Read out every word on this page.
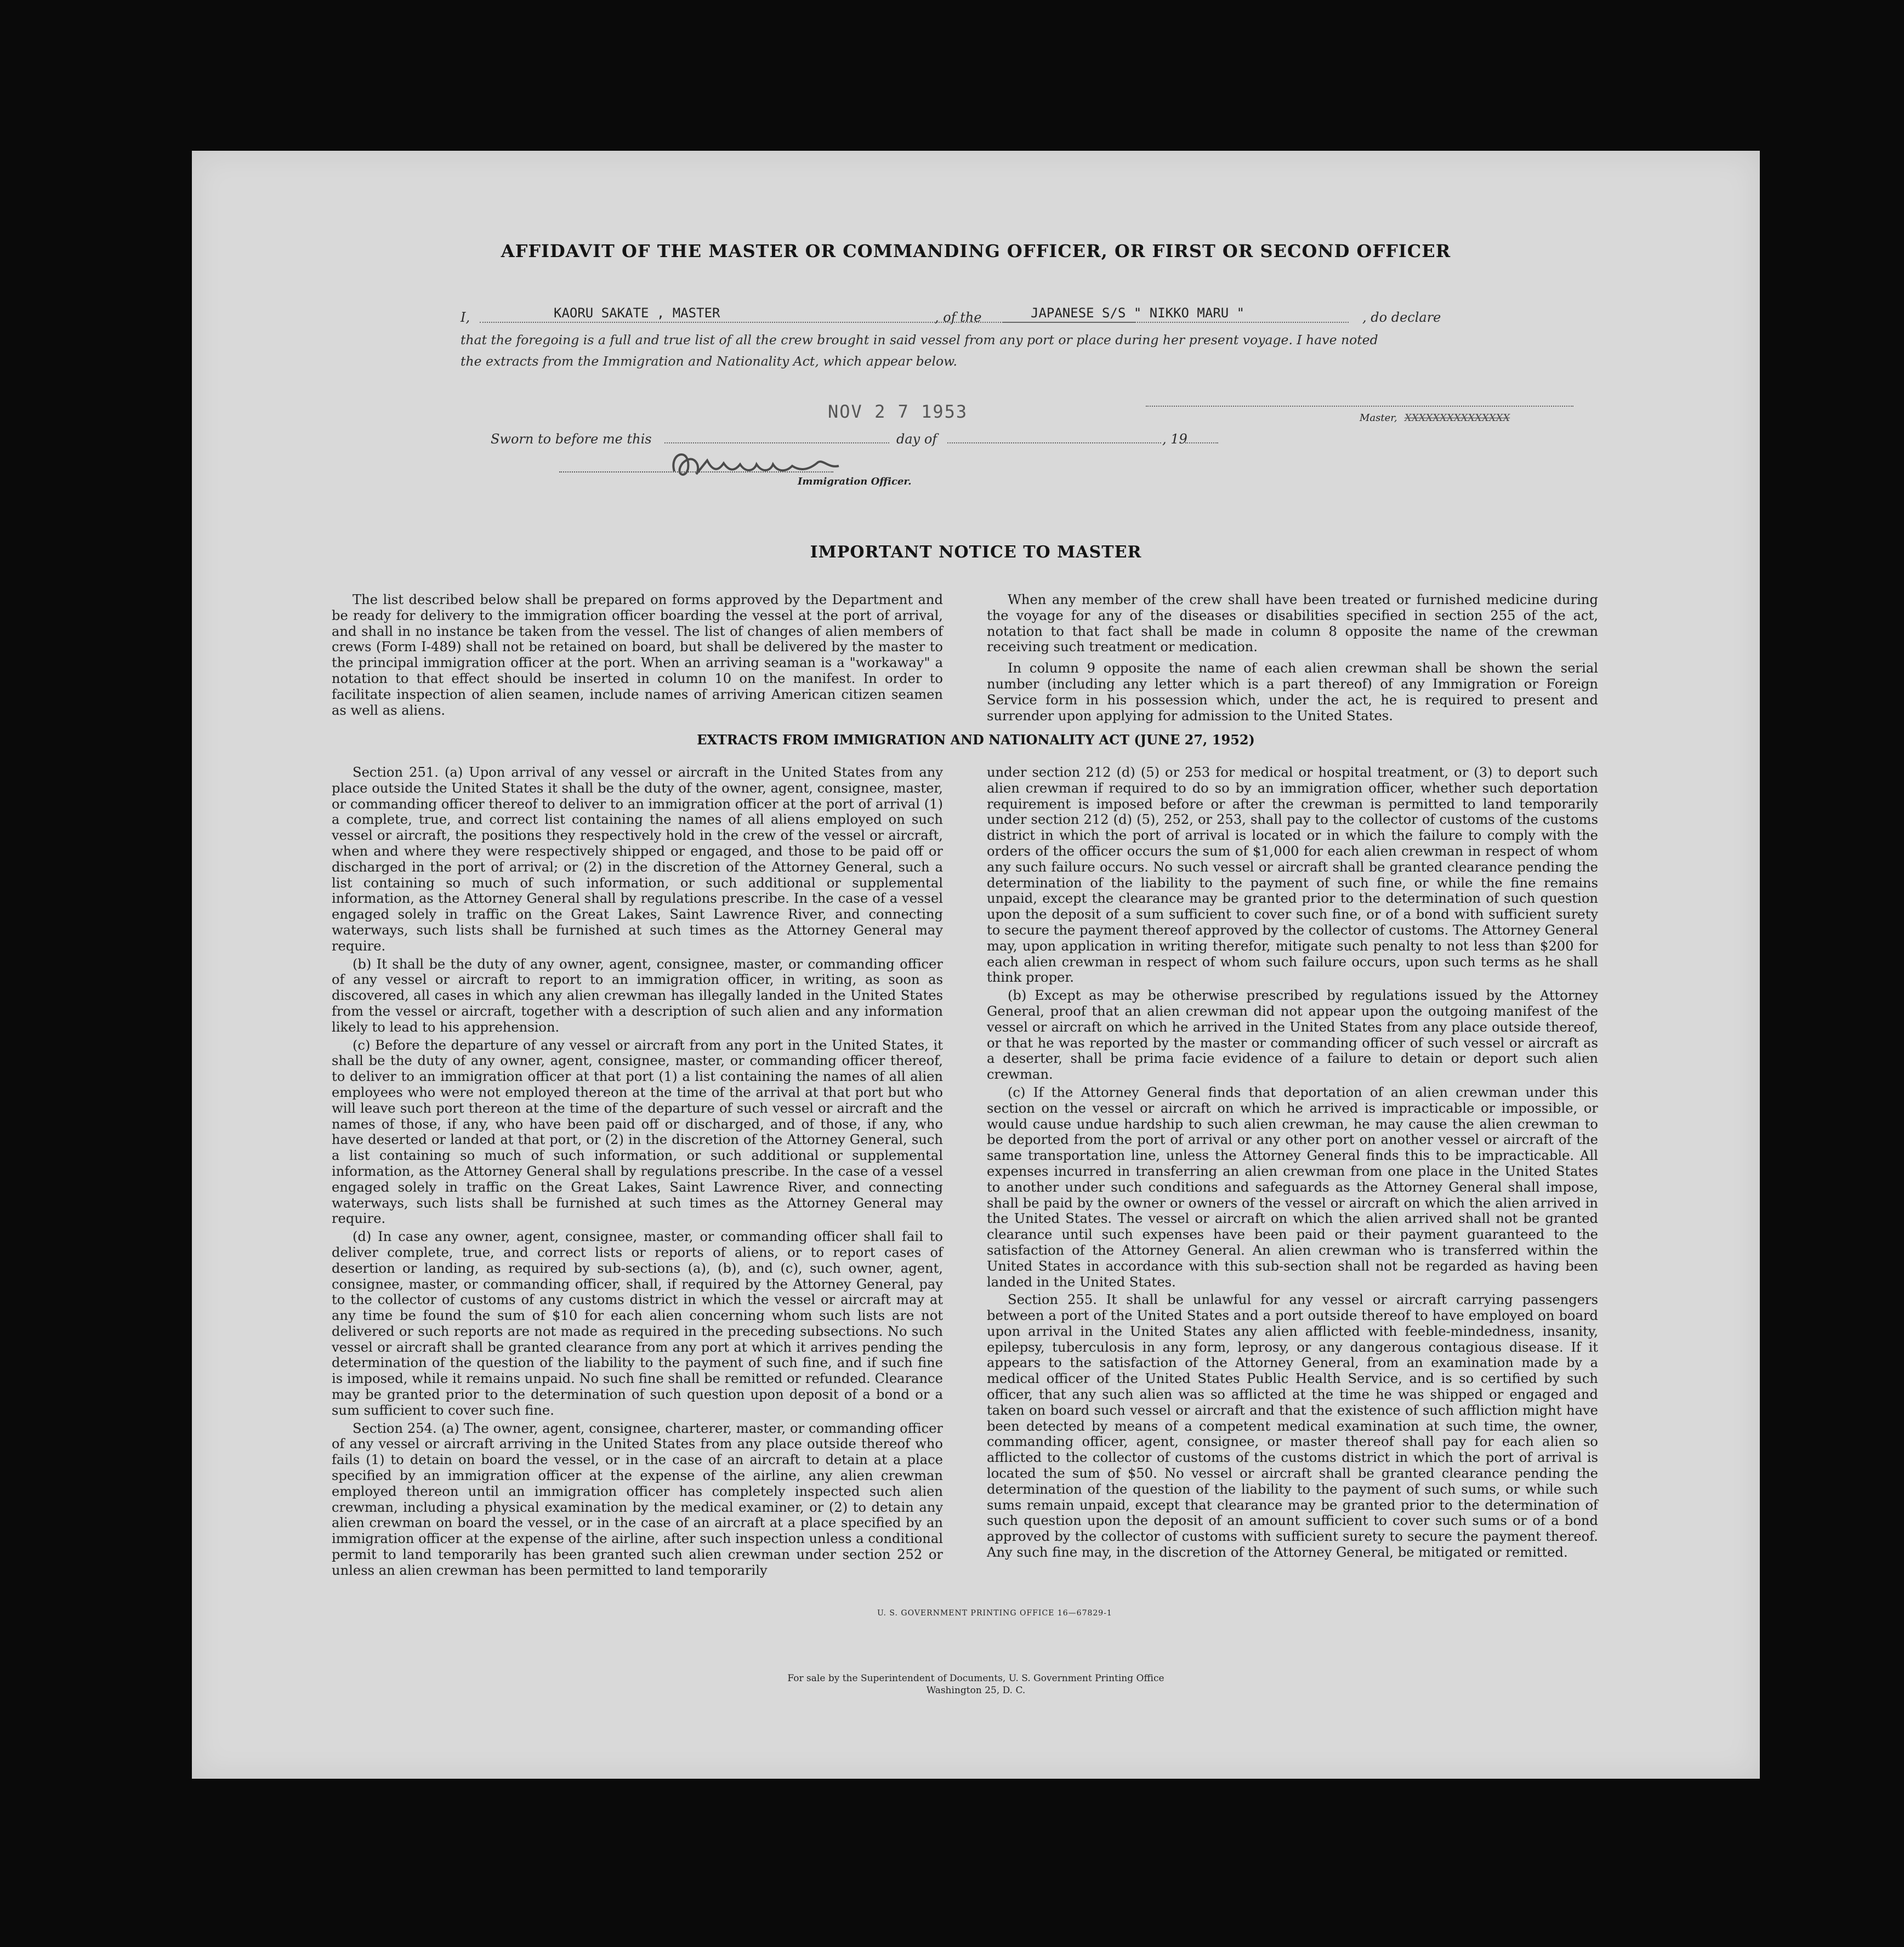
AFFIDAVIT OF THE MASTER OR COMMANDING OFFICER, OR FIRST OR SECOND OFFICER
I,	KAORU SAKATE , MASTER	, of the	JAPANESE S/S " NIKKO MARU "	, do declare
that the foregoing is a full and true list of all the crew brought in said vessel from any port or place during her present voyage. I have noted
the extracts from the Immigration and Nationality Act, which appear below.
NOV 2 7 1953	Master, XXXXXXXXXXXXXXX
Sworn to before me this	day of	, 19
Immigration Officer.
IMPORTANT NOTICE TO MASTER

The list described below shall be prepared on forms approved by the Department and be ready for delivery to the immigration officer boarding the vessel at the port of arrival, and shall in no instance be taken from the vessel. The list of changes of alien members of crews (Form I-489) shall not be retained on board, but shall be delivered by the master to the principal immigration officer at the port. When an arriving seaman is a "workaway" a notation to that effect should be inserted in column 10 on the manifest. In order to facilitate inspection of alien seamen, include names of arriving American citizen seamen as well as aliens.

When any member of the crew shall have been treated or furnished medicine during the voyage for any of the diseases or disabilities specified in section 255 of the act, notation to that fact shall be made in column 8 opposite the name of the crewman receiving such treatment or medication.

In column 9 opposite the name of each alien crewman shall be shown the serial number (including any letter which is a part thereof) of any Immigration or Foreign Service form in his possession which, under the act, he is required to present and surrender upon applying for admission to the United States.

EXTRACTS FROM IMMIGRATION AND NATIONALITY ACT (JUNE 27, 1952)

Section 251. (a) Upon arrival of any vessel or aircraft in the United States from any place outside the United States it shall be the duty of the owner, agent, consignee, master, or commanding officer thereof to deliver to an immigration officer at the port of arrival (1) a complete, true, and correct list containing the names of all aliens employed on such vessel or aircraft, the positions they respectively hold in the crew of the vessel or aircraft, when and where they were respectively shipped or engaged, and those to be paid off or discharged in the port of arrival; or (2) in the discretion of the Attorney General, such a list containing so much of such information, or such additional or supplemental information, as the Attorney General shall by regulations prescribe. In the case of a vessel engaged solely in traffic on the Great Lakes, Saint Lawrence River, and connecting waterways, such lists shall be furnished at such times as the Attorney General may require.

(b) It shall be the duty of any owner, agent, consignee, master, or commanding officer of any vessel or aircraft to report to an immigration officer, in writing, as soon as discovered, all cases in which any alien crewman has illegally landed in the United States from the vessel or aircraft, together with a description of such alien and any information likely to lead to his apprehension.

(c) Before the departure of any vessel or aircraft from any port in the United States, it shall be the duty of any owner, agent, consignee, master, or commanding officer thereof, to deliver to an immigration officer at that port (1) a list containing the names of all alien employees who were not employed thereon at the time of the arrival at that port but who will leave such port thereon at the time of the departure of such vessel or aircraft and the names of those, if any, who have been paid off or discharged, and of those, if any, who have deserted or landed at that port, or (2) in the discretion of the Attorney General, such a list containing so much of such information, or such additional or supplemental information, as the Attorney General shall by regulations prescribe. In the case of a vessel engaged solely in traffic on the Great Lakes, Saint Lawrence River, and connecting waterways, such lists shall be furnished at such times as the Attorney General may require.

(d) In case any owner, agent, consignee, master, or commanding officer shall fail to deliver complete, true, and correct lists or reports of aliens, or to report cases of desertion or landing, as required by sub-sections (a), (b), and (c), such owner, agent, consignee, master, or commanding officer, shall, if required by the Attorney General, pay to the collector of customs of any customs district in which the vessel or aircraft may at any time be found the sum of $10 for each alien concerning whom such lists are not delivered or such reports are not made as required in the preceding subsections. No such vessel or aircraft shall be granted clearance from any port at which it arrives pending the determination of the question of the liability to the payment of such fine, and if such fine is imposed, while it remains unpaid. No such fine shall be remitted or refunded. Clearance may be granted prior to the determination of such question upon deposit of a bond or a sum sufficient to cover such fine.

Section 254. (a) The owner, agent, consignee, charterer, master, or commanding officer of any vessel or aircraft arriving in the United States from any place outside thereof who fails (1) to detain on board the vessel, or in the case of an aircraft to detain at a place specified by an immigration officer at the expense of the airline, any alien crewman employed thereon until an immigration officer has completely inspected such alien crewman, including a physical examination by the medical examiner, or (2) to detain any alien crewman on board the vessel, or in the case of an aircraft at a place specified by an immigration officer at the expense of the airline, after such inspection unless a conditional permit to land temporarily has been granted such alien crewman under section 252 or unless an alien crewman has been permitted to land temporarily

under section 212 (d) (5) or 253 for medical or hospital treatment, or (3) to deport such alien crewman if required to do so by an immigration officer, whether such deportation requirement is imposed before or after the crewman is permitted to land temporarily under section 212 (d) (5), 252, or 253, shall pay to the collector of customs of the customs district in which the port of arrival is located or in which the failure to comply with the orders of the officer occurs the sum of $1,000 for each alien crewman in respect of whom any such failure occurs. No such vessel or aircraft shall be granted clearance pending the determination of the liability to the payment of such fine, or while the fine remains unpaid, except the clearance may be granted prior to the determination of such question upon the deposit of a sum sufficient to cover such fine, or of a bond with sufficient surety to secure the payment thereof approved by the collector of customs. The Attorney General may, upon application in writing therefor, mitigate such penalty to not less than $200 for each alien crewman in respect of whom such failure occurs, upon such terms as he shall think proper.

(b) Except as may be otherwise prescribed by regulations issued by the Attorney General, proof that an alien crewman did not appear upon the outgoing manifest of the vessel or aircraft on which he arrived in the United States from any place outside thereof, or that he was reported by the master or commanding officer of such vessel or aircraft as a deserter, shall be prima facie evidence of a failure to detain or deport such alien crewman.

(c) If the Attorney General finds that deportation of an alien crewman under this section on the vessel or aircraft on which he arrived is impracticable or impossible, or would cause undue hardship to such alien crewman, he may cause the alien crewman to be deported from the port of arrival or any other port on another vessel or aircraft of the same transportation line, unless the Attorney General finds this to be impracticable. All expenses incurred in transferring an alien crewman from one place in the United States to another under such conditions and safeguards as the Attorney General shall impose, shall be paid by the owner or owners of the vessel or aircraft on which the alien arrived in the United States. The vessel or aircraft on which the alien arrived shall not be granted clearance until such expenses have been paid or their payment guaranteed to the satisfaction of the Attorney General. An alien crewman who is transferred within the United States in accordance with this sub-section shall not be regarded as having been landed in the United States.

Section 255. It shall be unlawful for any vessel or aircraft carrying passengers between a port of the United States and a port outside thereof to have employed on board upon arrival in the United States any alien afflicted with feeble-mindedness, insanity, epilepsy, tuberculosis in any form, leprosy, or any dangerous contagious disease. If it appears to the satisfaction of the Attorney General, from an examination made by a medical officer of the United States Public Health Service, and is so certified by such officer, that any such alien was so afflicted at the time he was shipped or engaged and taken on board such vessel or aircraft and that the existence of such affliction might have been detected by means of a competent medical examination at such time, the owner, commanding officer, agent, consignee, or master thereof shall pay for each alien so afflicted to the collector of customs of the customs district in which the port of arrival is located the sum of $50. No vessel or aircraft shall be granted clearance pending the determination of the question of the liability to the payment of such sums, or while such sums remain unpaid, except that clearance may be granted prior to the determination of such question upon the deposit of an amount sufficient to cover such sums or of a bond approved by the collector of customs with sufficient surety to secure the payment thereof. Any such fine may, in the discretion of the Attorney General, be mitigated or remitted.

U. S. GOVERNMENT PRINTING OFFICE 16—67829-1
For sale by the Superintendent of Documents, U. S. Government Printing Office
Washington 25, D. C.
